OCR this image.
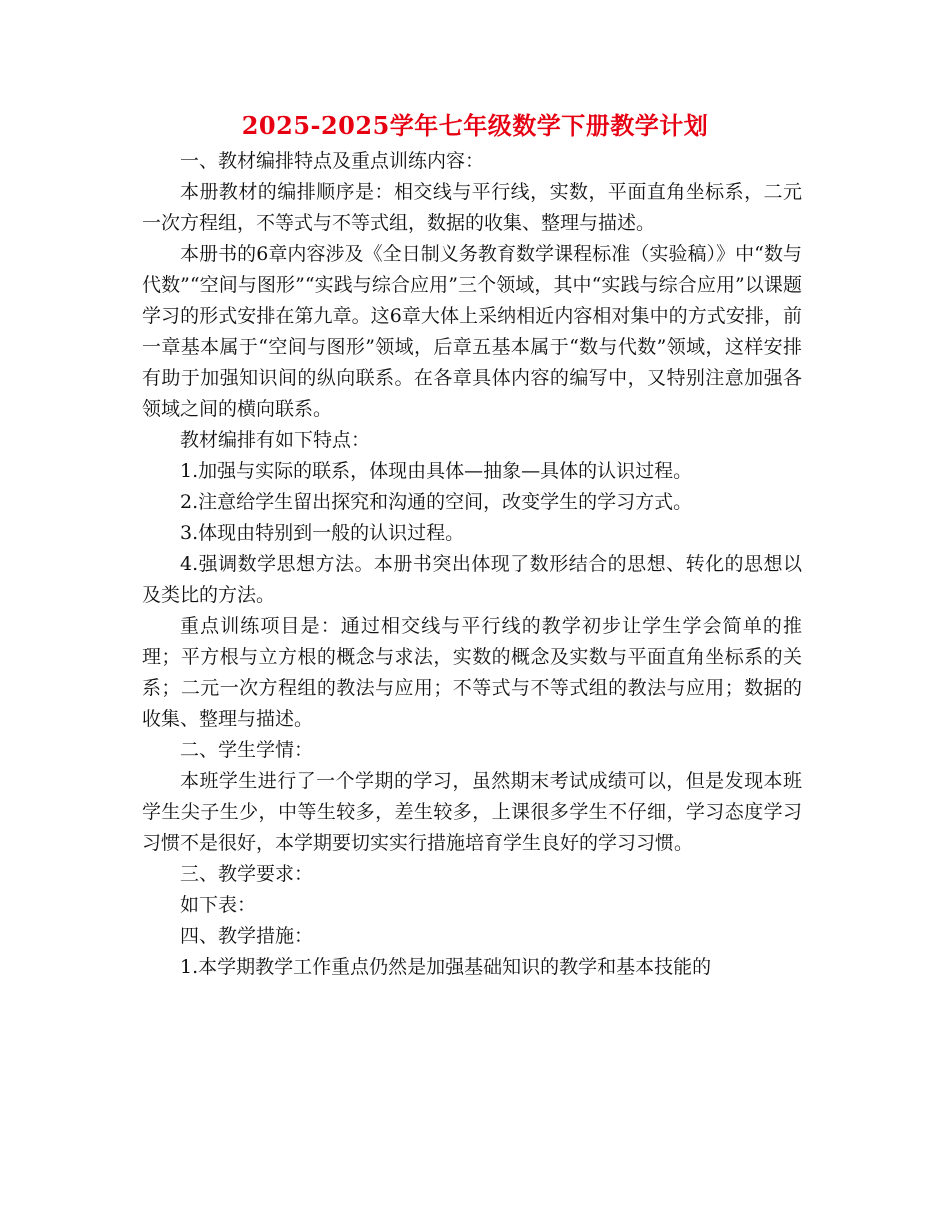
2025-2025学年七年级数学下册教学计划

一、教材编排特点及重点训练内容：

本册教材的编排顺序是：相交线与平行线，实数，平面直角坐标系，二元一次方程组，不等式与不等式组，数据的收集、整理与描述。

本册书的6章内容涉及《全日制义务教育数学课程标准（实验稿）》中“数与代数”“空间与图形”“实践与综合应用”三个领域，其中“实践与综合应用”以课题学习的形式安排在第九章。这6章大体上采纳相近内容相对集中的方式安排，前一章基本属于“空间与图形”领域，后章五基本属于“数与代数”领域，这样安排有助于加强知识间的纵向联系。在各章具体内容的编写中，又特别注意加强各领域之间的横向联系。

教材编排有如下特点：

1.加强与实际的联系，体现由具体—抽象—具体的认识过程。

2.注意给学生留出探究和沟通的空间，改变学生的学习方式。

3.体现由特别到一般的认识过程。

4.强调数学思想方法。本册书突出体现了数形结合的思想、转化的思想以及类比的方法。

重点训练项目是：通过相交线与平行线的教学初步让学生学会简单的推理；平方根与立方根的概念与求法，实数的概念及实数与平面直角坐标系的关系；二元一次方程组的教法与应用；不等式与不等式组的教法与应用；数据的收集、整理与描述。

二、学生学情：

本班学生进行了一个学期的学习，虽然期末考试成绩可以，但是发现本班学生尖子生少，中等生较多，差生较多，上课很多学生不仔细，学习态度学习习惯不是很好，本学期要切实实行措施培育学生良好的学习习惯。

三、教学要求：

如下表：

四、教学措施：

1.本学期教学工作重点仍然是加强基础知识的教学和基本技能的
